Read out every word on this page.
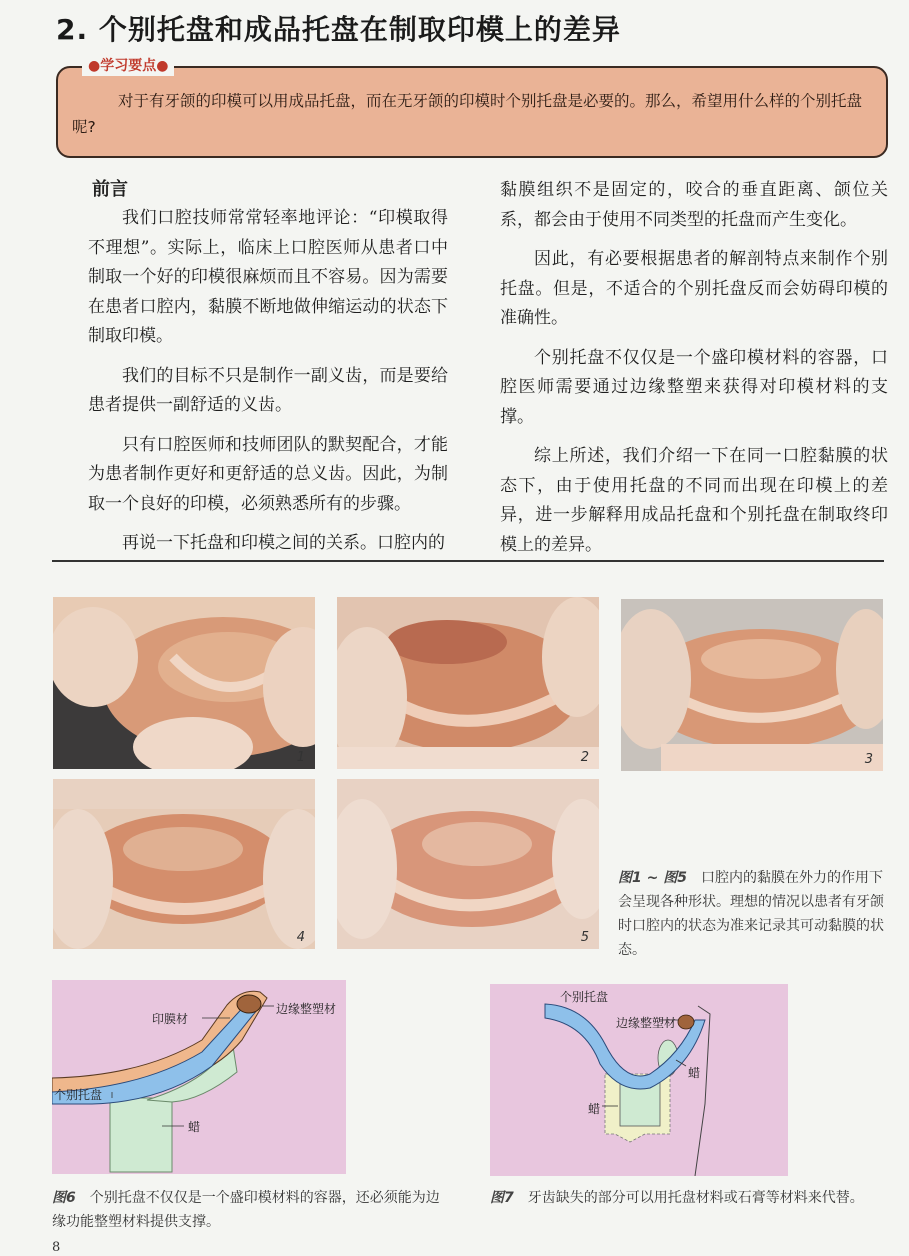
2. 个别托盘和成品托盘在制取印模上的差异
●学习要点●
对于有牙颌的印模可以用成品托盘，而在无牙颌的印模时个别托盘是必要的。那么，希望用什么样的个别托盘呢?
前言

我们口腔技师常常轻率地评论：“印模取得不理想”。实际上，临床上口腔医师从患者口中制取一个好的印模很麻烦而且不容易。因为需要在患者口腔内，黏膜不断地做伸缩运动的状态下制取印模。

我们的目标不只是制作一副义齿，而是要给患者提供一副舒适的义齿。

只有口腔医师和技师团队的默契配合，才能为患者制作更好和更舒适的总义齿。因此，为制取一个良好的印模，必须熟悉所有的步骤。

再说一下托盘和印模之间的关系。口腔内的

黏膜组织不是固定的，咬合的垂直距离、颌位关系，都会由于使用不同类型的托盘而产生变化。

因此，有必要根据患者的解剖特点来制作个别托盘。但是，不适合的个别托盘反而会妨碍印模的准确性。

个别托盘不仅仅是一个盛印模材料的容器，口腔医师需要通过边缘整塑来获得对印模材料的支撑。

综上所述，我们介绍一下在同一口腔黏膜的状态下，由于使用托盘的不同而出现在印模上的差异，进一步解释用成品托盘和个别托盘在制取终印模上的差异。

1	2	3
4	5
图1 ~ 图5 口腔内的黏膜在外力的作用下会呈现各种形状。理想的情况以患者有牙颌时口腔内的状态为准来记录其可动黏膜的状态。
印膜材
边缘整塑材
个别托盘
蜡
图6 个别托盘不仅仅是一个盛印模材料的容器，还必须能为边缘功能整塑材料提供支撑。
个别托盘
边缘整塑材
蜡
蜡
图7 牙齿缺失的部分可以用托盘材料或石膏等材料来代替。
8
